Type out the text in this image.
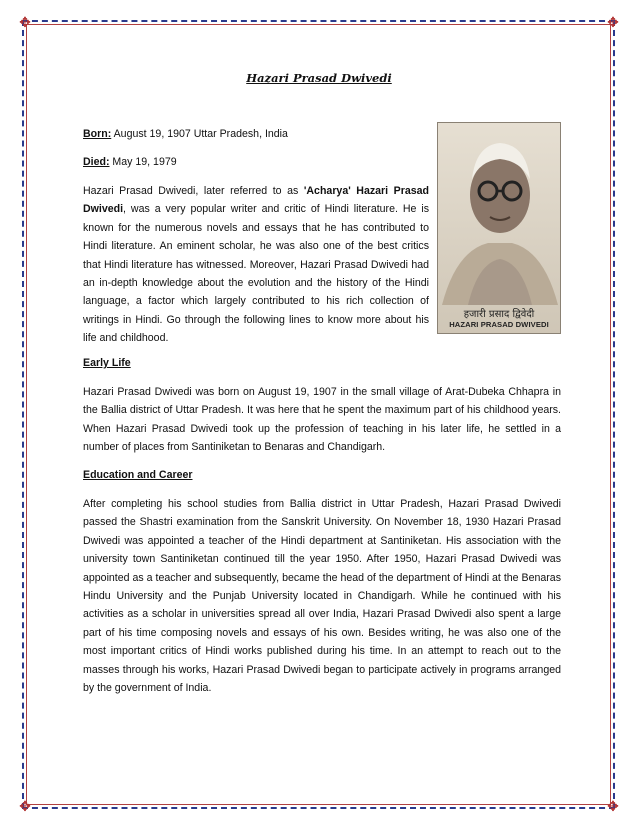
✥	✥
✥	✥
Hazari Prasad Dwivedi
Born: August 19, 1907 Uttar Pradesh, India
Died: May 19, 1979
Hazari Prasad Dwivedi, later referred to as 'Acharya' Hazari Prasad Dwivedi, was a very popular writer and critic of Hindi literature. He is known for the numerous novels and essays that he has contributed to Hindi literature. An eminent scholar, he was also one of the best critics that Hindi literature has witnessed. Moreover, Hazari Prasad Dwivedi had an in-depth knowledge about the evolution and the history of the Hindi language, a factor which largely contributed to his rich collection of writings in Hindi. Go through the following lines to know more about his life and childhood.
हजारी प्रसाद द्विवेदी
HAZARI PRASAD DWIVEDI
Early Life
Hazari Prasad Dwivedi was born on August 19, 1907 in the small village of Arat-Dubeka Chhapra in the Ballia district of Uttar Pradesh. It was here that he spent the maximum part of his childhood years. When Hazari Prasad Dwivedi took up the profession of teaching in his later life, he settled in a number of places from Santiniketan to Benaras and Chandigarh.
Education and Career
After completing his school studies from Ballia district in Uttar Pradesh, Hazari Prasad Dwivedi passed the Shastri examination from the Sanskrit University. On November 18, 1930 Hazari Prasad Dwivedi was appointed a teacher of the Hindi department at Santiniketan. His association with the university town Santiniketan continued till the year 1950. After 1950, Hazari Prasad Dwivedi was appointed as a teacher and subsequently, became the head of the department of Hindi at the Benaras Hindu University and the Punjab University located in Chandigarh. While he continued with his activities as a scholar in universities spread all over India, Hazari Prasad Dwivedi also spent a large part of his time composing novels and essays of his own. Besides writing, he was also one of the most important critics of Hindi works published during his time. In an attempt to reach out to the masses through his works, Hazari Prasad Dwivedi began to participate actively in programs arranged by the government of India.
